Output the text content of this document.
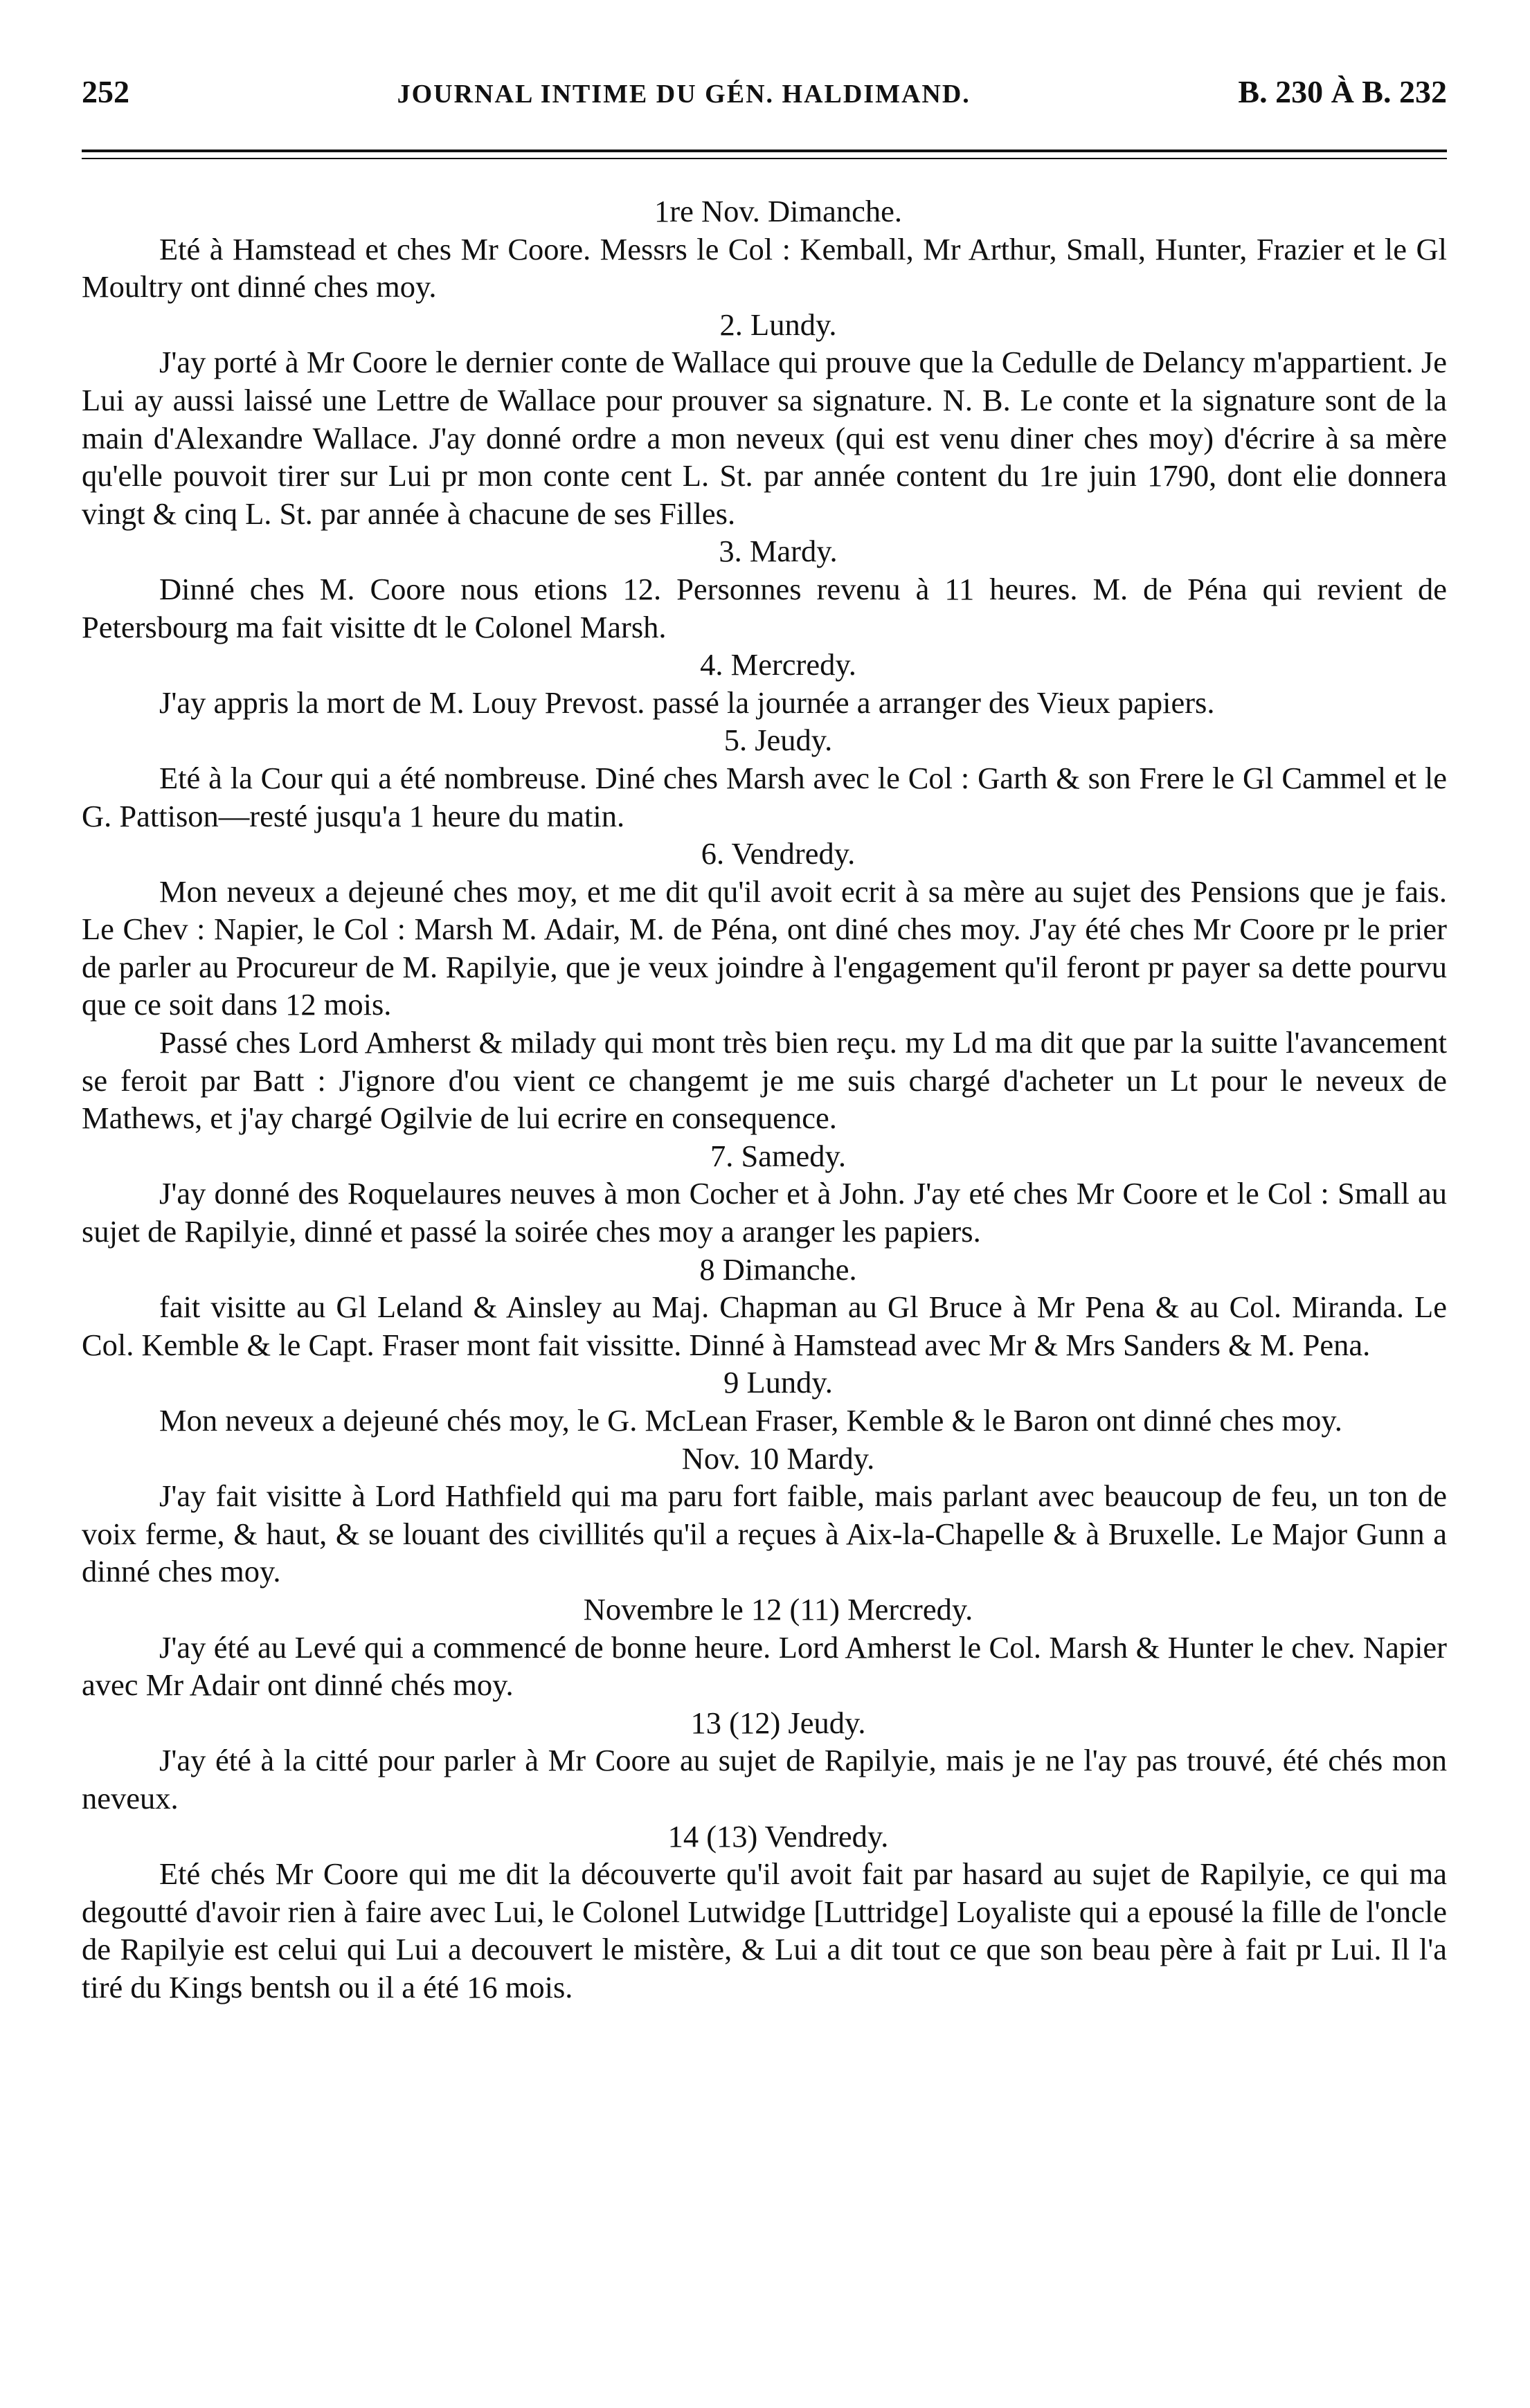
252	JOURNAL INTIME DU GÉN. HALDIMAND.	B. 230 À B. 232

1re Nov. Dimanche.

Eté à Hamstead et ches Mr Coore. Messrs le Col : Kemball, Mr Arthur, Small, Hunter, Frazier et le Gl Moultry ont dinné ches moy.

2. Lundy.

J'ay porté à Mr Coore le dernier conte de Wallace qui prouve que la Cedulle de Delancy m'appartient. Je Lui ay aussi laissé une Lettre de Wallace pour prouver sa signature. N. B. Le conte et la signature sont de la main d'Alexandre Wallace. J'ay donné ordre a mon neveux (qui est venu diner ches moy) d'écrire à sa mère qu'elle pouvoit tirer sur Lui pr mon conte cent L. St. par année content du 1re juin 1790, dont elie donnera vingt & cinq L. St. par année à chacune de ses Filles.

3. Mardy.

Dinné ches M. Coore nous etions 12. Personnes revenu à 11 heures. M. de Péna qui revient de Petersbourg ma fait visitte dt le Colonel Marsh.

4. Mercredy.

J'ay appris la mort de M. Louy Prevost. passé la journée a arranger des Vieux papiers.

5. Jeudy.

Eté à la Cour qui a été nombreuse. Diné ches Marsh avec le Col : Garth & son Frere le Gl Cammel et le G. Pattison—resté jusqu'a 1 heure du matin.

6. Vendredy.

Mon neveux a dejeuné ches moy, et me dit qu'il avoit ecrit à sa mère au sujet des Pensions que je fais. Le Chev : Napier, le Col : Marsh M. Adair, M. de Péna, ont diné ches moy. J'ay été ches Mr Coore pr le prier de parler au Procureur de M. Rapilyie, que je veux joindre à l'engagement qu'il feront pr payer sa dette pourvu que ce soit dans 12 mois.

Passé ches Lord Amherst & milady qui mont très bien reçu. my Ld ma dit que par la suitte l'avancement se feroit par Batt : J'ignore d'ou vient ce changemt je me suis chargé d'acheter un Lt pour le neveux de Mathews, et j'ay chargé Ogilvie de lui ecrire en consequence.

7. Samedy.

J'ay donné des Roquelaures neuves à mon Cocher et à John. J'ay eté ches Mr Coore et le Col : Small au sujet de Rapilyie, dinné et passé la soirée ches moy a aranger les papiers.

8 Dimanche.

fait visitte au Gl Leland & Ainsley au Maj. Chapman au Gl Bruce à Mr Pena & au Col. Miranda. Le Col. Kemble & le Capt. Fraser mont fait vissitte. Dinné à Hamstead avec Mr & Mrs Sanders & M. Pena.

9 Lundy.

Mon neveux a dejeuné chés moy, le G. McLean Fraser, Kemble & le Baron ont dinné ches moy.

Nov. 10 Mardy.

J'ay fait visitte à Lord Hathfield qui ma paru fort faible, mais parlant avec beaucoup de feu, un ton de voix ferme, & haut, & se louant des civillités qu'il a reçues à Aix-la-Chapelle & à Bruxelle. Le Major Gunn a dinné ches moy.

Novembre le 12 (11) Mercredy.

J'ay été au Levé qui a commencé de bonne heure. Lord Amherst le Col. Marsh & Hunter le chev. Napier avec Mr Adair ont dinné chés moy.

13 (12) Jeudy.

J'ay été à la citté pour parler à Mr Coore au sujet de Rapilyie, mais je ne l'ay pas trouvé, été chés mon neveux.

14 (13) Vendredy.

Eté chés Mr Coore qui me dit la découverte qu'il avoit fait par hasard au sujet de Rapilyie, ce qui ma degoutté d'avoir rien à faire avec Lui, le Colonel Lutwidge [Luttridge] Loyaliste qui a epousé la fille de l'oncle de Rapilyie est celui qui Lui a decouvert le mistère, & Lui a dit tout ce que son beau père à fait pr Lui. Il l'a tiré du Kings bentsh ou il a été 16 mois.
